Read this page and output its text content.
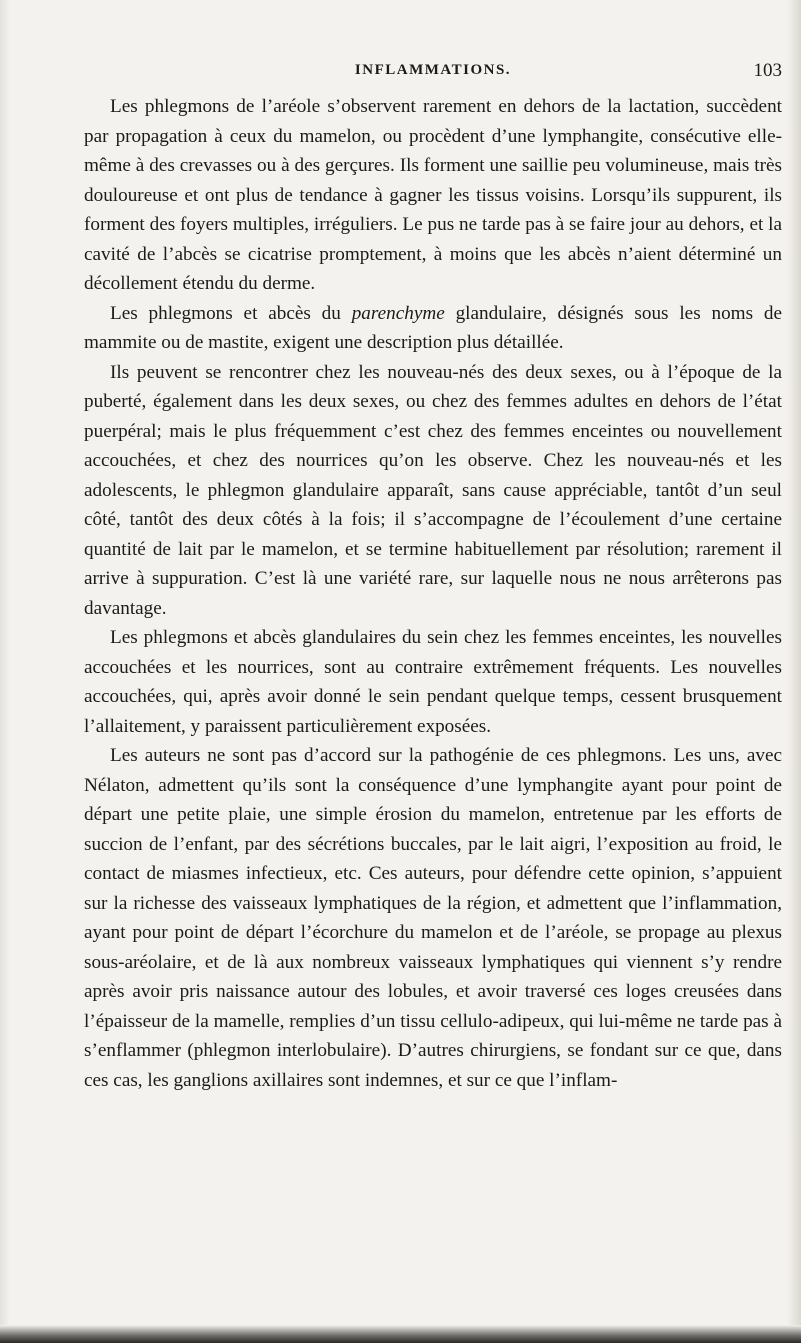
INFLAMMATIONS.	103

Les phlegmons de l’aréole s’observent rarement en dehors de la lactation, succèdent par propagation à ceux du mamelon, ou procèdent d’une lymphangite, consécutive elle-même à des crevasses ou à des gerçures. Ils forment une saillie peu volumineuse, mais très douloureuse et ont plus de tendance à gagner les tissus voisins. Lorsqu’ils suppurent, ils forment des foyers multiples, irréguliers. Le pus ne tarde pas à se faire jour au dehors, et la cavité de l’abcès se cicatrise promptement, à moins que les abcès n’aient déterminé un décollement étendu du derme.

Les phlegmons et abcès du parenchyme glandulaire, désignés sous les noms de mammite ou de mastite, exigent une description plus détaillée.

Ils peuvent se rencontrer chez les nouveau-nés des deux sexes, ou à l’époque de la puberté, également dans les deux sexes, ou chez des femmes adultes en dehors de l’état puerpéral; mais le plus fréquemment c’est chez des femmes enceintes ou nouvellement accouchées, et chez des nourrices qu’on les observe. Chez les nouveau-nés et les adolescents, le phlegmon glandulaire apparaît, sans cause appréciable, tantôt d’un seul côté, tantôt des deux côtés à la fois; il s’accompagne de l’écoulement d’une certaine quantité de lait par le mamelon, et se termine habituellement par résolution; rarement il arrive à suppuration. C’est là une variété rare, sur laquelle nous ne nous arrêterons pas davantage.

Les phlegmons et abcès glandulaires du sein chez les femmes enceintes, les nouvelles accouchées et les nourrices, sont au contraire extrêmement fréquents. Les nouvelles accouchées, qui, après avoir donné le sein pendant quelque temps, cessent brusquement l’allaitement, y paraissent particulièrement exposées.

Les auteurs ne sont pas d’accord sur la pathogénie de ces phlegmons. Les uns, avec Nélaton, admettent qu’ils sont la conséquence d’une lymphangite ayant pour point de départ une petite plaie, une simple érosion du mamelon, entretenue par les efforts de succion de l’enfant, par des sécrétions buccales, par le lait aigri, l’exposition au froid, le contact de miasmes infectieux, etc. Ces auteurs, pour défendre cette opinion, s’appuient sur la richesse des vaisseaux lymphatiques de la région, et admettent que l’inflammation, ayant pour point de départ l’écorchure du mamelon et de l’aréole, se propage au plexus sous-aréolaire, et de là aux nombreux vaisseaux lymphatiques qui viennent s’y rendre après avoir pris naissance autour des lobules, et avoir traversé ces loges creusées dans l’épaisseur de la mamelle, remplies d’un tissu cellulo-adipeux, qui lui-même ne tarde pas à s’enflammer (phlegmon interlobulaire). D’autres chirurgiens, se fondant sur ce que, dans ces cas, les ganglions axillaires sont indemnes, et sur ce que l’inflam-
